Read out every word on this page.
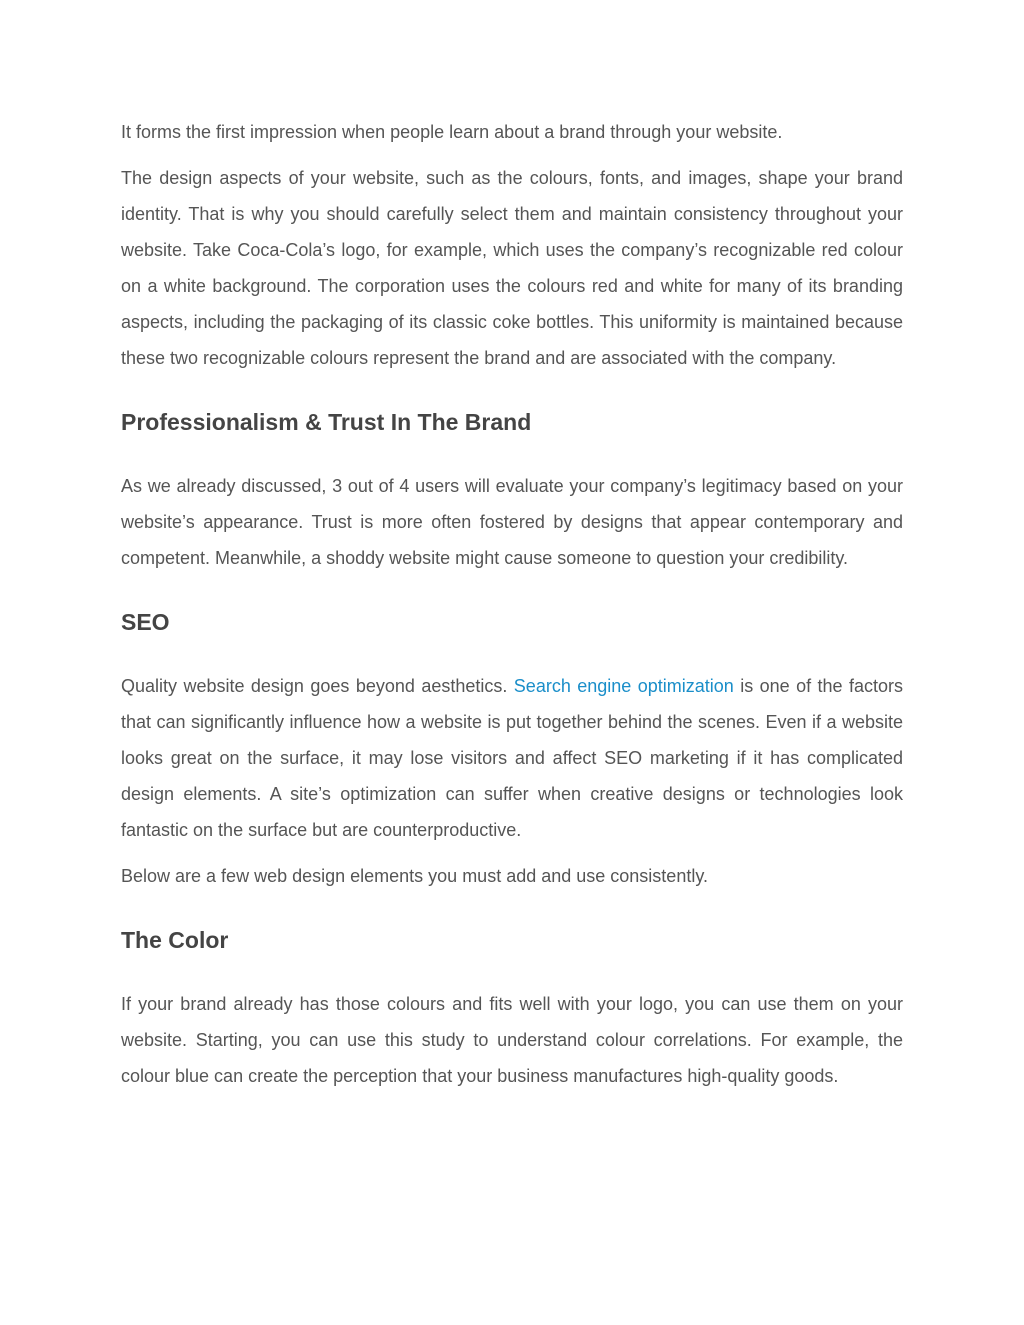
It forms the first impression when people learn about a brand through your website.

The design aspects of your website, such as the colours, fonts, and images, shape your brand identity. That is why you should carefully select them and maintain consistency throughout your website. Take Coca-Cola’s logo, for example, which uses the company’s recognizable red colour on a white background. The corporation uses the colours red and white for many of its branding aspects, including the packaging of its classic coke bottles. This uniformity is maintained because these two recognizable colours represent the brand and are associated with the company.

Professionalism & Trust In The Brand

As we already discussed, 3 out of 4 users will evaluate your company’s legitimacy based on your website’s appearance. Trust is more often fostered by designs that appear contemporary and competent. Meanwhile, a shoddy website might cause someone to question your credibility.

SEO

Quality website design goes beyond aesthetics. Search engine optimization is one of the factors that can significantly influence how a website is put together behind the scenes. Even if a website looks great on the surface, it may lose visitors and affect SEO marketing if it has complicated design elements. A site’s optimization can suffer when creative designs or technologies look fantastic on the surface but are counterproductive.

Below are a few web design elements you must add and use consistently.

The Color

If your brand already has those colours and fits well with your logo, you can use them on your website. Starting, you can use this study to understand colour correlations. For example, the colour blue can create the perception that your business manufactures high-quality goods.
